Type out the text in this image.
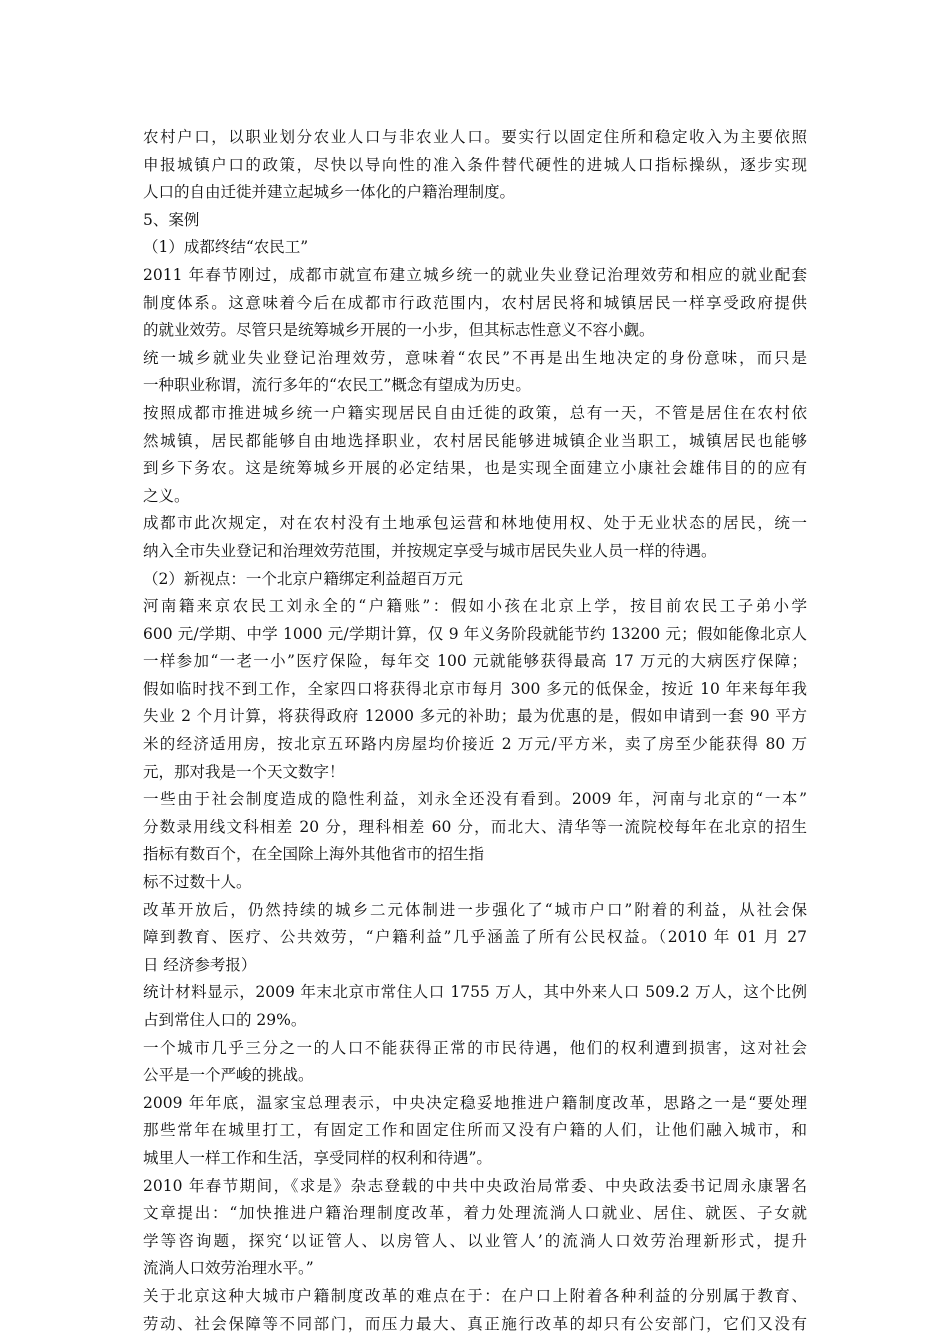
农村户口，以职业划分农业人口与非农业人口。要实行以固定住所和稳定收入为主要依照
申报城镇户口的政策，尽快以导向性的准入条件替代硬性的进城人口指标操纵，逐步实现
人口的自由迁徙并建立起城乡一体化的户籍治理制度。
5、案例
（1）成都终结“农民工”
2011 年春节刚过，成都市就宣布建立城乡统一的就业失业登记治理效劳和相应的就业配套
制度体系。这意味着今后在成都市行政范围内，农村居民将和城镇居民一样享受政府提供
的就业效劳。尽管只是统筹城乡开展的一小步，但其标志性意义不容小觑。
统一城乡就业失业登记治理效劳，意味着“农民”不再是出生地决定的身份意味，而只是
一种职业称谓，流行多年的“农民工”概念有望成为历史。
按照成都市推进城乡统一户籍实现居民自由迁徙的政策，总有一天，不管是居住在农村依
然城镇，居民都能够自由地选择职业，农村居民能够进城镇企业当职工，城镇居民也能够
到乡下务农。这是统筹城乡开展的必定结果，也是实现全面建立小康社会雄伟目的的应有
之义。
成都市此次规定，对在农村没有土地承包运营和林地使用权、处于无业状态的居民，统一
纳入全市失业登记和治理效劳范围，并按规定享受与城市居民失业人员一样的待遇。
（2）新视点：一个北京户籍绑定利益超百万元
河南籍来京农民工刘永全的“户籍账”：假如小孩在北京上学，按目前农民工子弟小学
600 元/学期、中学 1000 元/学期计算，仅 9 年义务阶段就能节约 13200 元；假如能像北京人
一样参加“一老一小”医疗保险，每年交 100 元就能够获得最高 17 万元的大病医疗保障；
假如临时找不到工作，全家四口将获得北京市每月 300 多元的低保金，按近 10 年来每年我
失业 2 个月计算，将获得政府 12000 多元的补助；最为优惠的是，假如申请到一套 90 平方
米的经济适用房，按北京五环路内房屋均价接近 2 万元/平方米，卖了房至少能获得 80 万
元，那对我是一个天文数字！
一些由于社会制度造成的隐性利益，刘永全还没有看到。2009 年，河南与北京的“一本”
分数录用线文科相差 20 分，理科相差 60 分，而北大、清华等一流院校每年在北京的招生
指标有数百个，在全国除上海外其他省市的招生指
标不过数十人。
改革开放后，仍然持续的城乡二元体制进一步强化了“城市户口”附着的利益，从社会保
障到教育、医疗、公共效劳，“户籍利益”几乎涵盖了所有公民权益。（2010 年 01 月 27
日 经济参考报）
统计材料显示，2009 年末北京市常住人口 1755 万人，其中外来人口 509.2 万人，这个比例
占到常住人口的 29%。
一个城市几乎三分之一的人口不能获得正常的市民待遇，他们的权利遭到损害，这对社会
公平是一个严峻的挑战。
2009 年年底，温家宝总理表示，中央决定稳妥地推进户籍制度改革，思路之一是“要处理
那些常年在城里打工，有固定工作和固定住所而又没有户籍的人们，让他们融入城市，和
城里人一样工作和生活，享受同样的权利和待遇”。
2010 年春节期间，《求是》杂志登载的中共中央政治局常委、中央政法委书记周永康署名
文章提出：“加快推进户籍治理制度改革，着力处理流淌人口就业、居住、就医、子女就
学等咨询题，探究‘以证管人、以房管人、以业管人’的流淌人口效劳治理新形式，提升
流淌人口效劳治理水平。”
关于北京这种大城市户籍制度改革的难点在于：在户口上附着各种利益的分别属于教育、
劳动、社会保障等不同部门，而压力最大、真正施行改革的却只有公安部门，它们又没有
